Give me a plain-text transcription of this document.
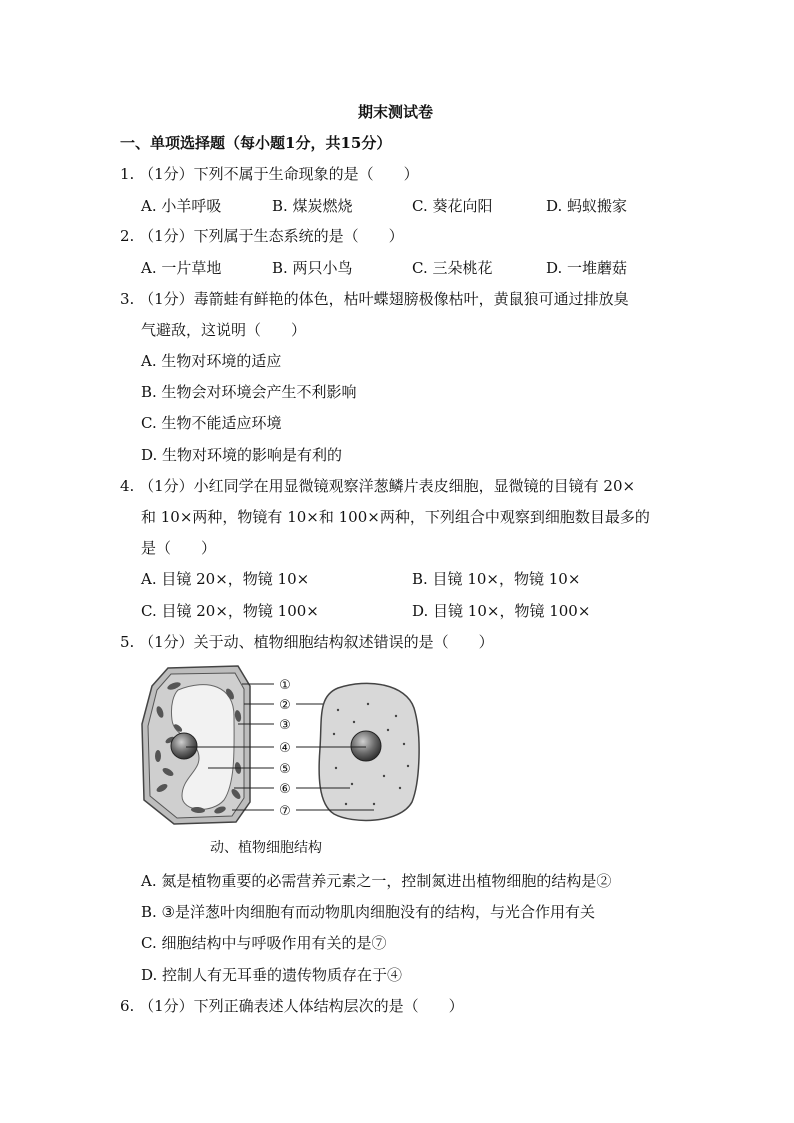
期末测试卷
一、单项选择题（每小题1分，共15分）
1. （1分）下列不属于生命现象的是（　　）
A. 小羊呼吸	B. 煤炭燃烧	C. 葵花向阳	D. 蚂蚁搬家
2. （1分）下列属于生态系统的是（　　）
A. 一片草地	B. 两只小鸟	C. 三朵桃花	D. 一堆蘑菇
3. （1分）毒箭蛙有鲜艳的体色，枯叶蝶翅膀极像枯叶，黄鼠狼可通过排放臭
气避敌，这说明（　　）
A. 生物对环境的适应
B. 生物会对环境会产生不利影响
C. 生物不能适应环境
D. 生物对环境的影响是有利的
4. （1分）小红同学在用显微镜观察洋葱鳞片表皮细胞，显微镜的目镜有 20×
和 10×两种，物镜有 10×和 100×两种，下列组合中观察到细胞数目最多的
是（　　）
A. 目镜 20×，物镜 10×	B. 目镜 10×，物镜 10×
C. 目镜 20×，物镜 100×	D. 目镜 10×，物镜 100×
5. （1分）关于动、植物细胞结构叙述错误的是（　　）
①
②
③
④
⑤
⑥
⑦
动、植物细胞结构
A. 氮是植物重要的必需营养元素之一，控制氮进出植物细胞的结构是②
B. ③是洋葱叶肉细胞有而动物肌肉细胞没有的结构，与光合作用有关
C. 细胞结构中与呼吸作用有关的是⑦
D. 控制人有无耳垂的遗传物质存在于④
6. （1分）下列正确表述人体结构层次的是（　　）
